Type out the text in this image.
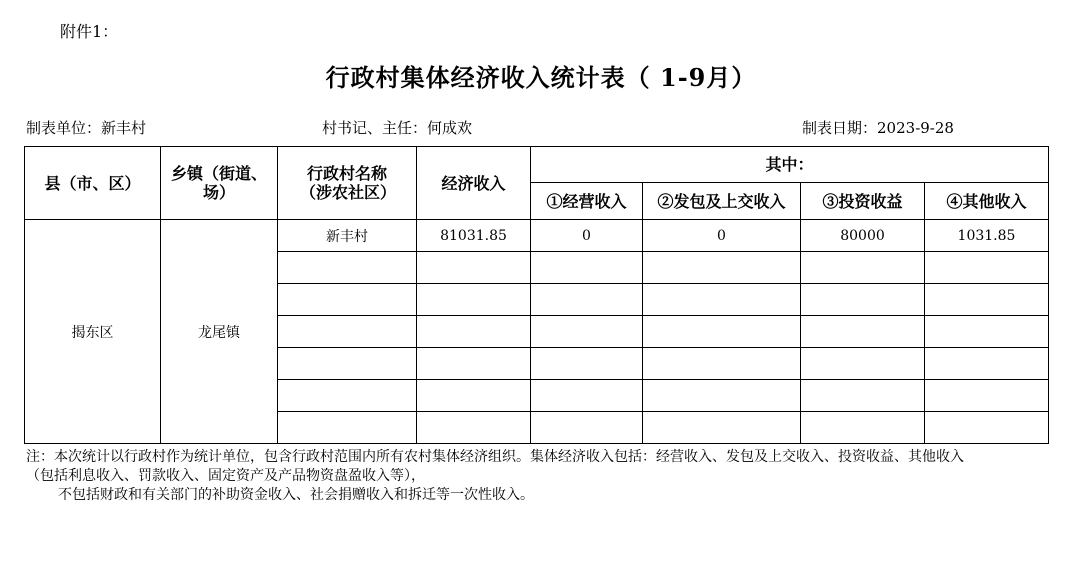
附件1：
行政村集体经济收入统计表（ 1-9月）
制表单位：新丰村	村书记、主任：何成欢	制表日期：2023-9-28
县（市、区）	乡镇（街道、场）	行政村名称（涉农社区）	经济收入	其中：			

				①经营收入	②发包及上交收入	③投资收益	④其他收入

揭东区	龙尾镇	新丰村	81031.85	0	0	80000	1031.85

注：本次统计以行政村作为统计单位，包含行政村范围内所有农村集体经济组织。集体经济收入包括：经营收入、发包及上交收入、投资收益、其他收入
（包括利息收入、罚款收入、固定资产及产品物资盘盈收入等），
不包括财政和有关部门的补助资金收入、社会捐赠收入和拆迁等一次性收入。
